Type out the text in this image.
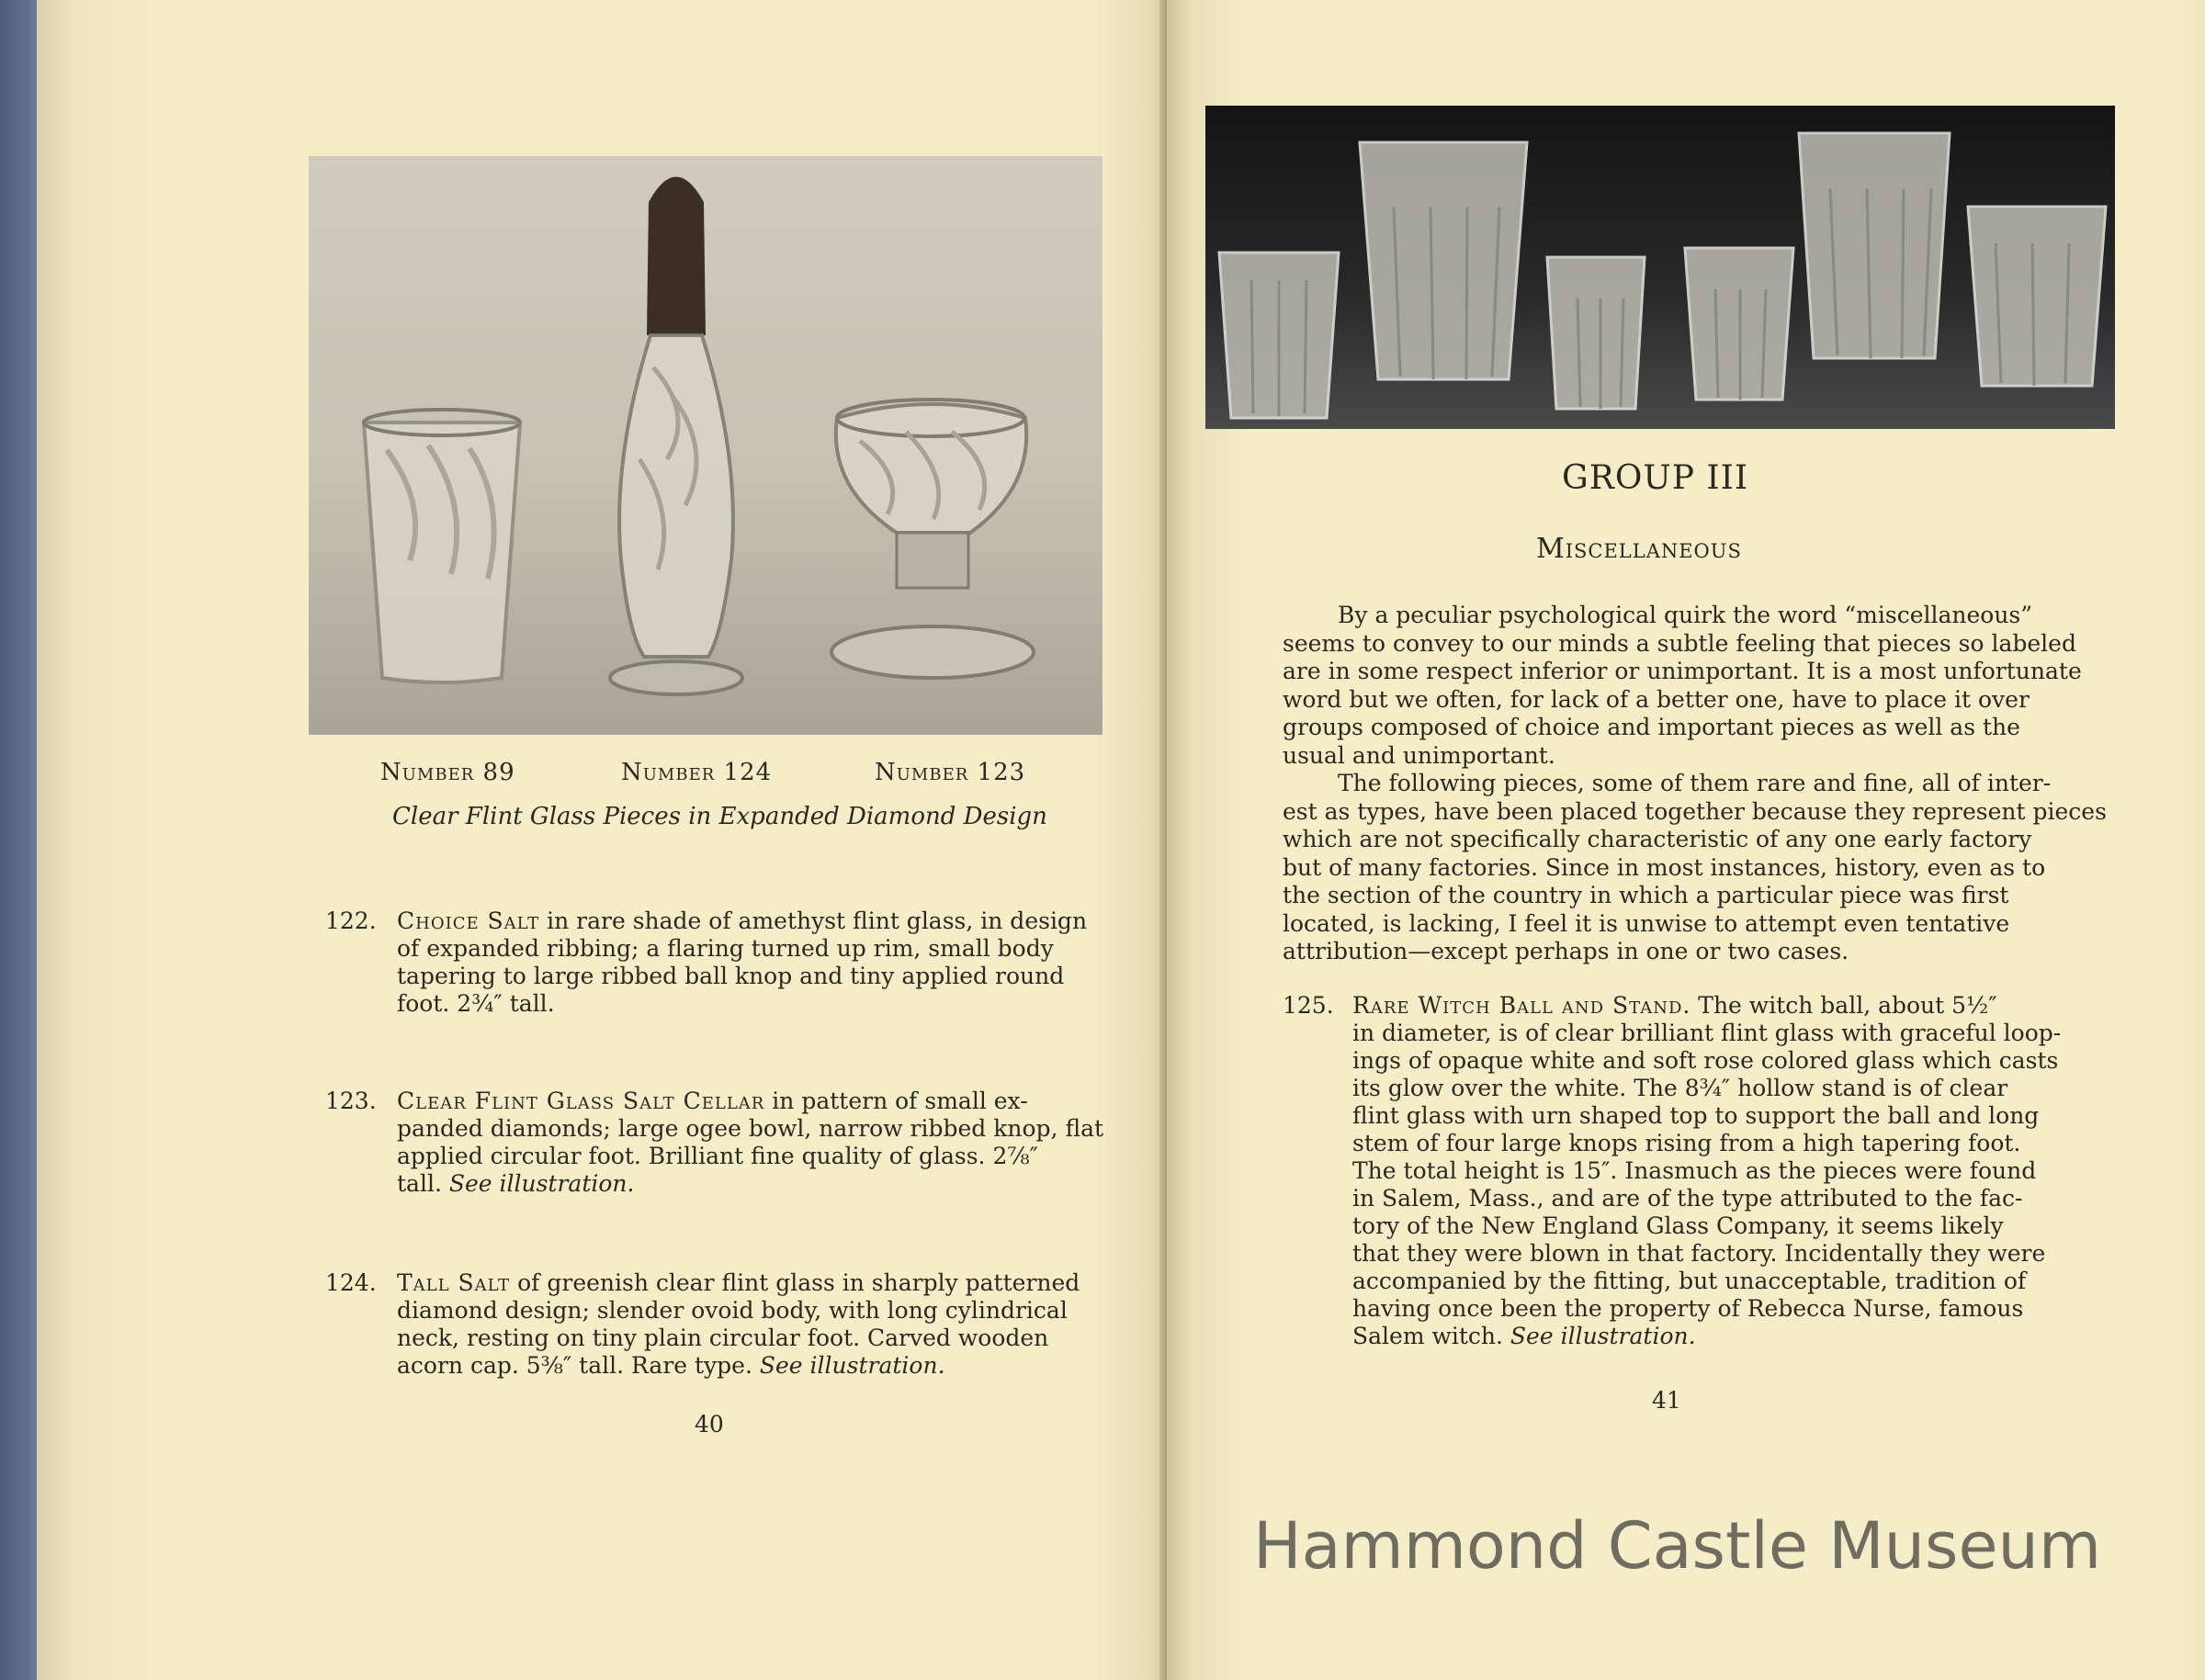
Number 89	Number 124	Number 123
Clear Flint Glass Pieces in Expanded Diamond Design
122. Choice Salt in rare shade of amethyst flint glass, in design

of expanded ribbing; a flaring turned up rim, small body

tapering to large ribbed ball knop and tiny applied round

foot. 2¾″ tall.

123. Clear Flint Glass Salt Cellar in pattern of small ex-

panded diamonds; large ogee bowl, narrow ribbed knop, flat

applied circular foot. Brilliant fine quality of glass. 2⅞″

tall. See illustration.

124. Tall Salt of greenish clear flint glass in sharply patterned

diamond design; slender ovoid body, with long cylindrical

neck, resting on tiny plain circular foot. Carved wooden

acorn cap. 5⅜″ tall. Rare type. See illustration.

40
GROUP III
Miscellaneous

By a peculiar psychological quirk the word “miscellaneous”

seems to convey to our minds a subtle feeling that pieces so labeled

are in some respect inferior or unimportant. It is a most unfortunate

word but we often, for lack of a better one, have to place it over

groups composed of choice and important pieces as well as the

usual and unimportant.

The following pieces, some of them rare and fine, all of inter-

est as types, have been placed together because they represent pieces

which are not specifically characteristic of any one early factory

but of many factories. Since in most instances, history, even as to

the section of the country in which a particular piece was first

located, is lacking, I feel it is unwise to attempt even tentative

attribution—except perhaps in one or two cases.

125. Rare Witch Ball and Stand. The witch ball, about 5½″

in diameter, is of clear brilliant flint glass with graceful loop-

ings of opaque white and soft rose colored glass which casts

its glow over the white. The 8¾″ hollow stand is of clear

flint glass with urn shaped top to support the ball and long

stem of four large knops rising from a high tapering foot.

The total height is 15″. Inasmuch as the pieces were found

in Salem, Mass., and are of the type attributed to the fac-

tory of the New England Glass Company, it seems likely

that they were blown in that factory. Incidentally they were

accompanied by the fitting, but unacceptable, tradition of

having once been the property of Rebecca Nurse, famous

Salem witch. See illustration.

41
Hammond Castle Museum
